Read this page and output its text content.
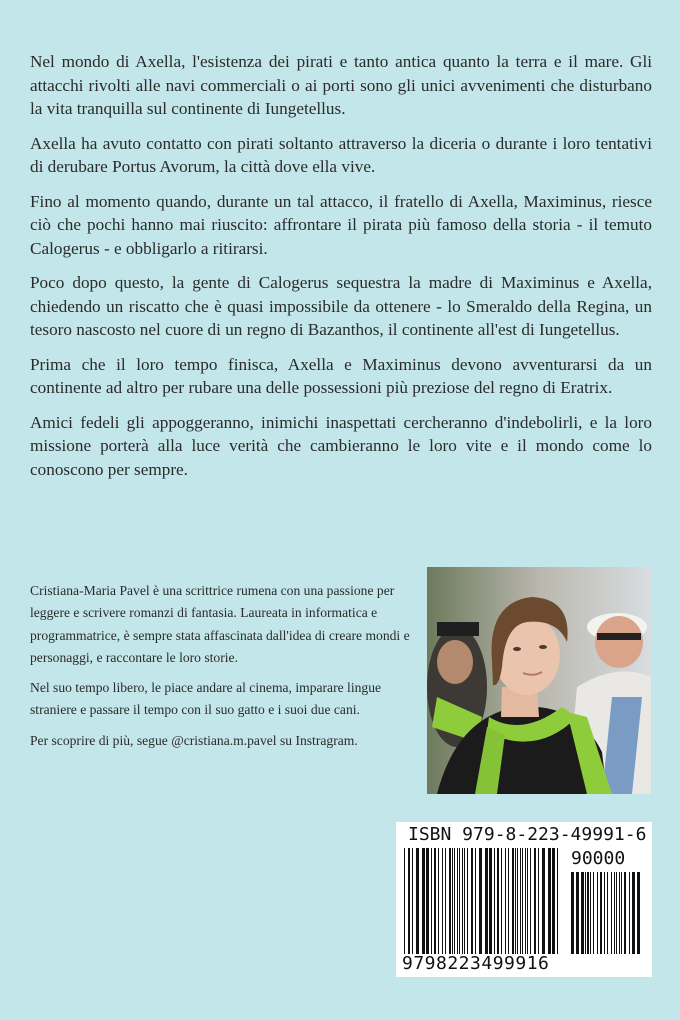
Nel mondo di Axella, l'esistenza dei pirati e tanto antica quanto la terra e il mare. Gli attacchi rivolti alle navi commerciali o ai porti sono gli unici avvenimenti che disturbano la vita tranquilla sul continente di Iungetellus.

Axella ha avuto contatto con pirati soltanto attraverso la diceria o durante i loro tentativi di derubare Portus Avorum, la città dove ella vive.

Fino al momento quando, durante un tal attacco, il fratello di Axella, Maximinus, riesce ciò che pochi hanno mai riuscito: affrontare il pirata più famoso della storia - il temuto Calogerus - e obbligarlo a ritirarsi.

Poco dopo questo, la gente di Calogerus sequestra la madre di Maximinus e Axella, chiedendo un riscatto che è quasi impossibile da ottenere - lo Smeraldo della Regina, un tesoro nascosto nel cuore di un regno di Bazanthos, il continente all'est di Iungetellus.

Prima che il loro tempo finisca, Axella e Maximinus devono avventurarsi da un continente ad altro per rubare una delle possessioni più preziose del regno di Eratrix.

Amici fedeli gli appoggeranno, inimichi inaspettati cercheranno d'indebolirli, e la loro missione porterà alla luce verità che cambieranno le loro vite e il mondo come lo conoscono per sempre.

Cristiana-Maria Pavel è una scrittrice rumena con una passione per leggere e scrivere romanzi di fantasia. Laureata in informatica e programmatrice, è sempre stata affascinata dall'idea di creare mondi e personaggi, e raccontare le loro storie.

Nel suo tempo libero, le piace andare al cinema, imparare lingue straniere e passare il tempo con il suo gatto e i suoi due cani.

Per scoprire di più, segue @cristiana.m.pavel su Instragram.

ISBN 979-8-223-49991-6
90000
9798223499916
